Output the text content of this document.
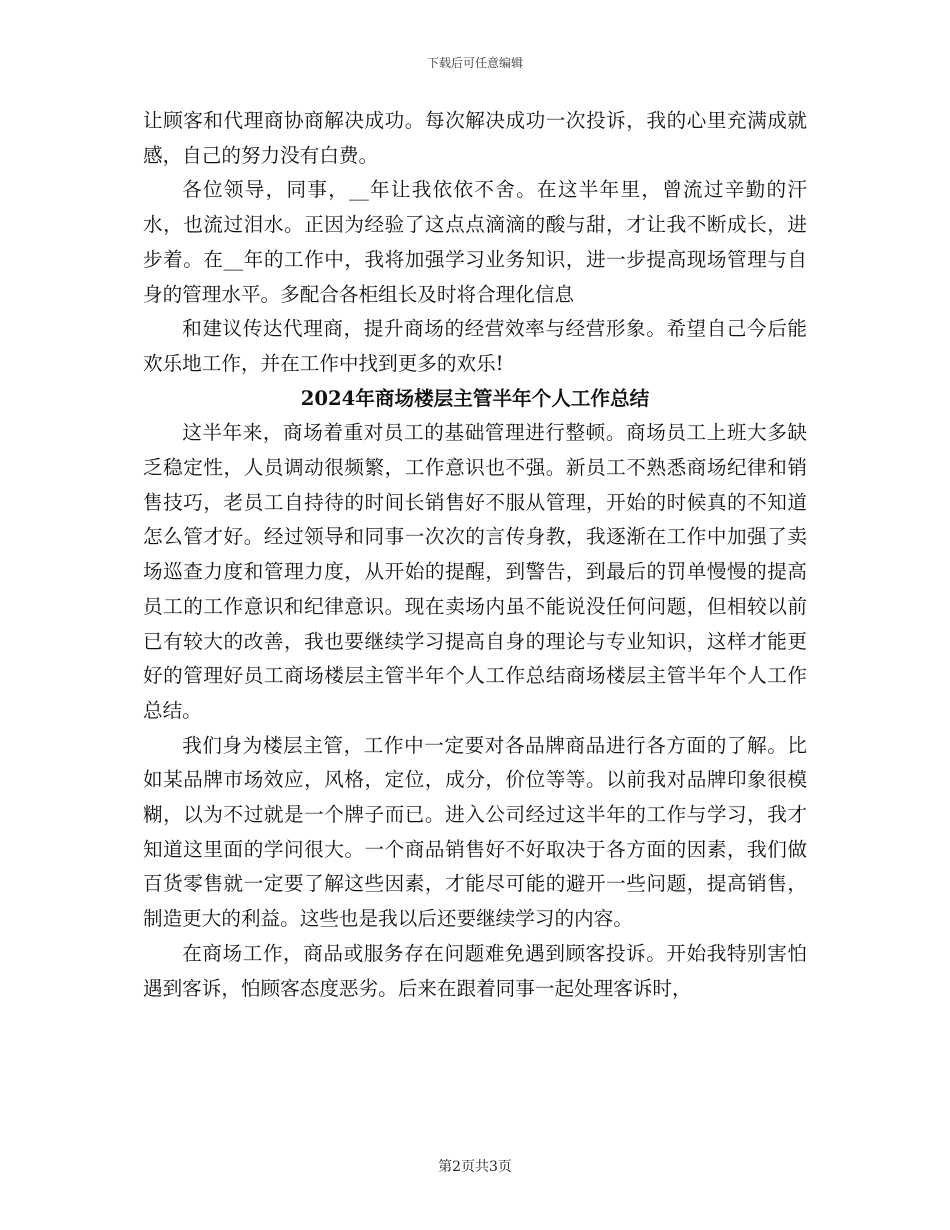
下载后可任意编辑

让顾客和代理商协商解决成功。每次解决成功一次投诉，我的心里充满成就感，自己的努力没有白费。

各位领导，同事，__年让我依依不舍。在这半年里，曾流过辛勤的汗水，也流过泪水。正因为经验了这点点滴滴的酸与甜，才让我不断成长，进步着。在__年的工作中，我将加强学习业务知识，进一步提高现场管理与自身的管理水平。多配合各柜组长及时将合理化信息

和建议传达代理商，提升商场的经营效率与经营形象。希望自己今后能欢乐地工作，并在工作中找到更多的欢乐!

2024年商场楼层主管半年个人工作总结

这半年来，商场着重对员工的基础管理进行整顿。商场员工上班大多缺乏稳定性，人员调动很频繁，工作意识也不强。新员工不熟悉商场纪律和销售技巧，老员工自持待的时间长销售好不服从管理，开始的时候真的不知道怎么管才好。经过领导和同事一次次的言传身教，我逐渐在工作中加强了卖场巡查力度和管理力度，从开始的提醒，到警告，到最后的罚单慢慢的提高员工的工作意识和纪律意识。现在卖场内虽不能说没任何问题，但相较以前已有较大的改善，我也要继续学习提高自身的理论与专业知识，这样才能更好的管理好员工商场楼层主管半年个人工作总结商场楼层主管半年个人工作总结。

我们身为楼层主管，工作中一定要对各品牌商品进行各方面的了解。比如某品牌市场效应，风格，定位，成分，价位等等。以前我对品牌印象很模糊，以为不过就是一个牌子而已。进入公司经过这半年的工作与学习，我才知道这里面的学问很大。一个商品销售好不好取决于各方面的因素，我们做百货零售就一定要了解这些因素，才能尽可能的避开一些问题，提高销售，制造更大的利益。这些也是我以后还要继续学习的内容。

在商场工作，商品或服务存在问题难免遇到顾客投诉。开始我特别害怕遇到客诉，怕顾客态度恶劣。后来在跟着同事一起处理客诉时，

第2页共3页
